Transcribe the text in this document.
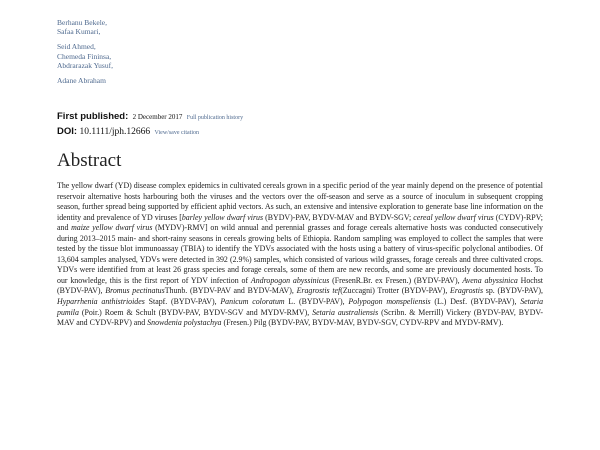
Berhanu Bekele,
Safaa Kumari,
Seid Ahmed,
Chemeda Fininsa,
Abdrarazak Yusuf,
Adane Abraham
First published: 2 December 2017 Full publication history
DOI: 10.1111/jph.12666 View/save citation
Abstract
The yellow dwarf (YD) disease complex epidemics in cultivated cereals grown in a specific period of the year mainly depend on the presence of potential reservoir alternative hosts harbouring both the viruses and the vectors over the off-season and serve as a source of inoculum in subsequent cropping season, further spread being supported by efficient aphid vectors. As such, an extensive and intensive exploration to generate base line information on the identity and prevalence of YD viruses [barley yellow dwarf virus (BYDV)-PAV, BYDV-MAV and BYDV-SGV; cereal yellow dwarf virus (CYDV)-RPV; and maize yellow dwarf virus (MYDV)-RMV] on wild annual and perennial grasses and forage cereals alternative hosts was conducted consecutively during 2013–2015 main- and short-rainy seasons in cereals growing belts of Ethiopia. Random sampling was employed to collect the samples that were tested by the tissue blot immunoassay (TBIA) to identify the YDVs associated with the hosts using a battery of virus-specific polyclonal antibodies. Of 13,604 samples analysed, YDVs were detected in 392 (2.9%) samples, which consisted of various wild grasses, forage cereals and three cultivated crops. YDVs were identified from at least 26 grass species and forage cereals, some of them are new records, and some are previously documented hosts. To our knowledge, this is the first report of YDV infection of Andropogon abyssinicus (FresenR.Br. ex Fresen.) (BYDV-PAV), Avena abyssinica Hochst (BYDV-PAV), Bromus pectinatusThunb. (BYDV-PAV and BYDV-MAV), Eragrostis tef(Zuccagni) Trotter (BYDV-PAV), Eragrostis sp. (BYDV-PAV), Hyparrhenia anthistrioides Stapf. (BYDV-PAV), Panicum coloratum L. (BYDV-PAV), Polypogon monspeliensis (L.) Desf. (BYDV-PAV), Setaria pumila (Poir.) Roem & Schult (BYDV-PAV, BYDV-SGV and MYDV-RMV), Setaria australiensis (Scribn. & Merrill) Vickery (BYDV-PAV, BYDV-MAV and CYDV-RPV) and Snowdenia polystachya (Fresen.) Pilg (BYDV-PAV, BYDV-MAV, BYDV-SGV, CYDV-RPV and MYDV-RMV).
